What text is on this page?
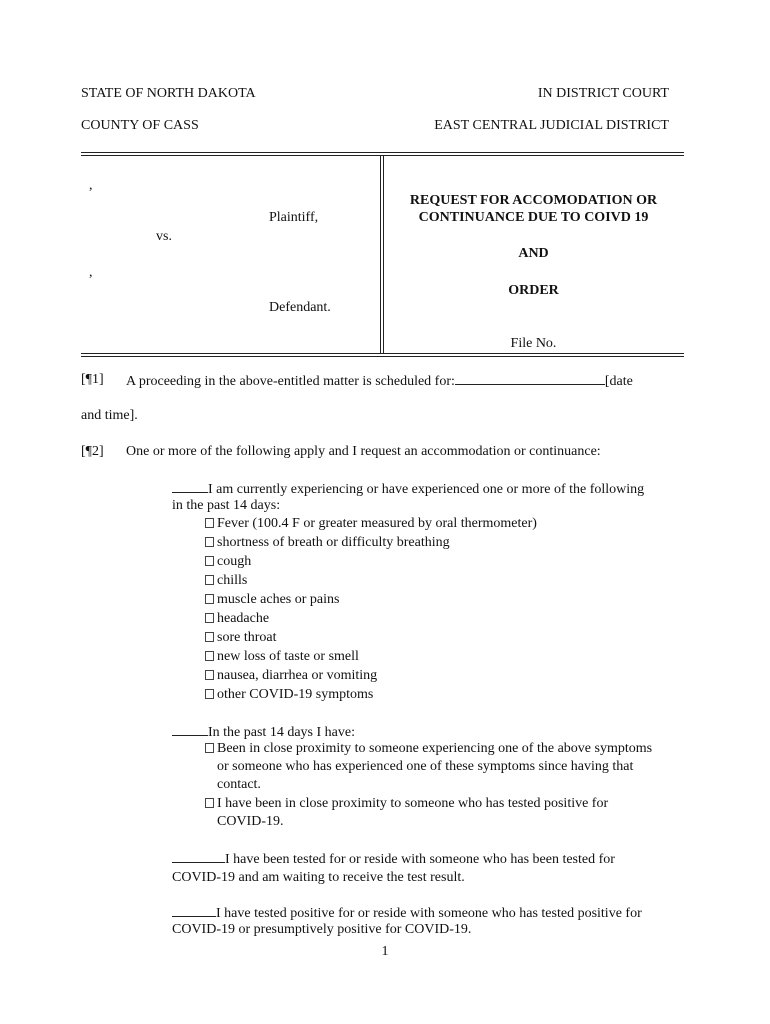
STATE OF NORTH DAKOTA	IN DISTRICT COURT
COUNTY OF CASS	EAST CENTRAL JUDICIAL DISTRICT
,
Plaintiff,
vs.
,
Defendant.
REQUEST FOR ACCOMODATION OR
CONTINUANCE DUE TO COIVD 19
AND
ORDER
File No.
[¶1] A proceeding in the above-entitled matter is scheduled for:	[date
and time].
[¶2] One or more of the following apply and I request an accommodation or continuance:
I am currently experiencing or have experienced one or more of the following
in the past 14 days:
Fever (100.4 F or greater measured by oral thermometer)
shortness of breath or difficulty breathing
cough
chills
muscle aches or pains
headache
sore throat
new loss of taste or smell
nausea, diarrhea or vomiting
other COVID-19 symptoms
In the past 14 days I have:
Been in close proximity to someone experiencing one of the above symptoms
or someone who has experienced one of these symptoms since having that
contact.
I have been in close proximity to someone who has tested positive for
COVID-19.
I have been tested for or reside with someone who has been tested for
COVID-19 and am waiting to receive the test result.
I have tested positive for or reside with someone who has tested positive for
COVID-19 or presumptively positive for COVID-19.
1
